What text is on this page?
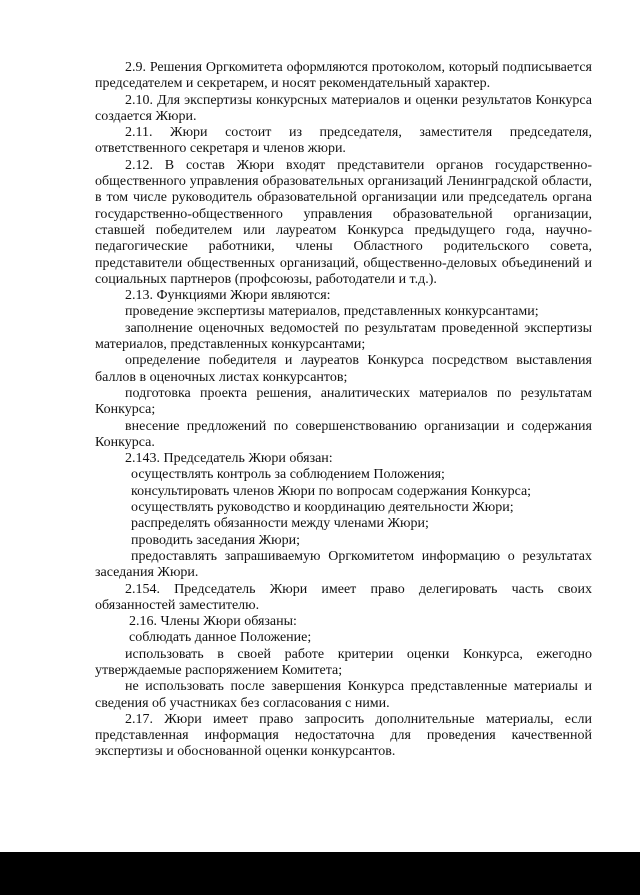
2.9. Решения Оргкомитета оформляются протоколом, который подписывается председателем и секретарем, и носят рекомендательный характер.

2.10. Для экспертизы конкурсных материалов и оценки результатов Конкурса создается Жюри.

2.11. Жюри состоит из председателя, заместителя председателя, ответственного секретаря и членов жюри.

2.12. В состав Жюри входят представители органов государственно-общественного управления образовательных организаций Ленинградской области, в том числе руководитель образовательной организации или председатель органа государственно-общественного управления образовательной организации, ставшей победителем или лауреатом Конкурса предыдущего года, научно-педагогические работники, члены Областного родительского совета, представители общественных организаций, общественно-деловых объединений и социальных партнеров (профсоюзы, работодатели и т.д.).

2.13. Функциями Жюри являются:

проведение экспертизы материалов, представленных конкурсантами;

заполнение оценочных ведомостей по результатам проведенной экспертизы материалов, представленных конкурсантами;

определение победителя и лауреатов Конкурса посредством выставления баллов в оценочных листах конкурсантов;

подготовка проекта решения, аналитических материалов по результатам Конкурса;

внесение предложений по совершенствованию организации и содержания Конкурса.

2.143. Председатель Жюри обязан:

осуществлять контроль за соблюдением Положения;

консультировать членов Жюри по вопросам содержания Конкурса;

осуществлять руководство и координацию деятельности Жюри;

распределять обязанности между членами Жюри;

проводить заседания Жюри;

предоставлять запрашиваемую Оргкомитетом информацию о результатах заседания Жюри.

2.154. Председатель Жюри имеет право делегировать часть своих обязанностей заместителю.

2.16. Члены Жюри обязаны:

соблюдать данное Положение;

использовать в своей работе критерии оценки Конкурса, ежегодно утверждаемые распоряжением Комитета;

не использовать после завершения Конкурса представленные материалы и сведения об участниках без согласования с ними.

2.17. Жюри имеет право запросить дополнительные материалы, если представленная информация недостаточна для проведения качественной экспертизы и обоснованной оценки конкурсантов.
